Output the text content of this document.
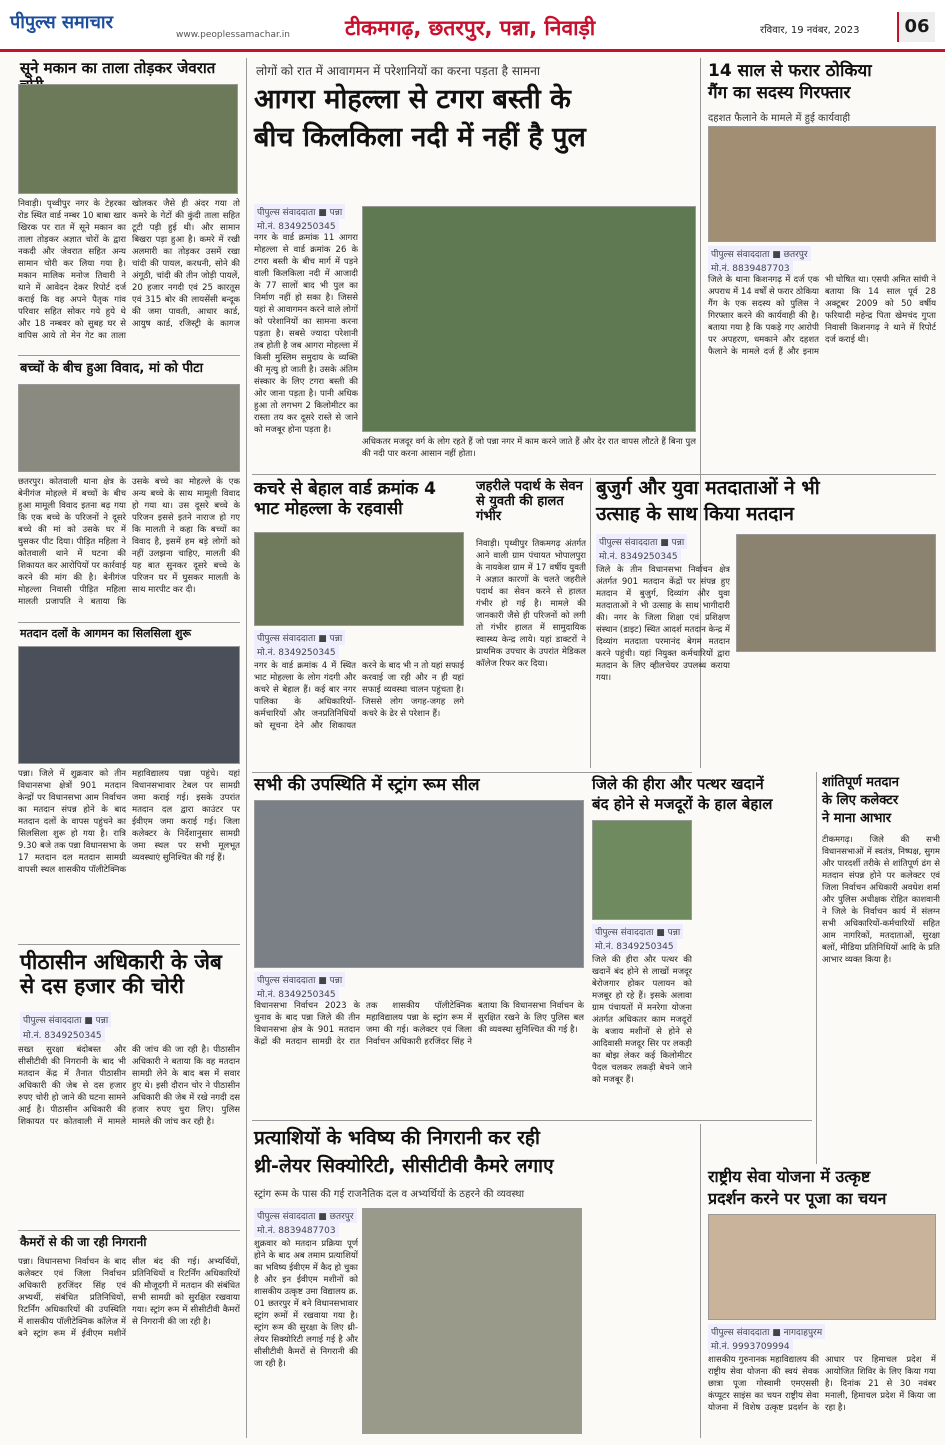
पीपुल्स समाचार
www.peoplessamachar.in	टीकमगढ़, छतरपुर, पन्ना, निवाड़ी	रविवार, 19 नवंबर, 2023	06
सूने मकान का ताला तोड़कर जेवरात
निवाड़ी। पृथ्वीपुर नगर के टेहरका रोड स्थित वार्ड नम्बर 10 बाबा खार खिरक पर रात में सूने मकान का ताला तोड़कर अज्ञात चोरों के द्वारा नकदी और जेवरात सहित अन्य सामान चोरी कर लिया गया है। मकान मालिक मनोज तिवारी ने थाने में आवेदन देकर रिपोर्ट दर्ज कराई कि वह अपने पैतृक गांव परिवार सहित सोकर गये हुये थे और 18 नम्बवर को सुबह घर से वापिस आये तो मेन गेट का ताला खोलकर जैसे ही अंदर गया तो कमरे के गेटों की कुंदी ताला सहित टूटी पड़ी हुई थी। और सामान बिखरा पड़ा हुआ है। कमरे में रखी अलमारी का तोड़कर उसमें रखा चांदी की पायल, करधनी, सोने की अंगूठी, चांदी की तीन जोड़ी पायलें, 20 हजार नगदी एवं 25 कारतूस एवं 315 बोर की लायसेंसी बन्दूक की जमा पावती, आधार कार्ड, आयुष कार्ड, रजिस्ट्री के कागज
बच्चों के बीच हुआ विवाद, मां को पीटा
छतरपुर। कोतवाली थाना क्षेत्र के बेनीगंज मोहल्ले में बच्चों के बीच हुआ मामूली विवाद इतना बढ़ गया कि एक बच्चे के परिजनों ने दूसरे बच्चे की मां को उसके घर में घुसकर पीट दिया। पीड़ित महिला ने कोतवाली थाने में घटना की शिकायत कर आरोपियों पर कार्रवाई करने की मांग की है। बेनीगंज मोहल्ला निवासी पीड़ित महिला मालती प्रजापति ने बताया कि उसके बच्चे का मोहल्ले के एक अन्य बच्चे के साथ मामूली विवाद हो गया था। उस दूसरे बच्चे के परिजन इससे इतने नाराज हो गए कि मालती ने कहा कि बच्चों का विवाद है, इसमें हम बड़े लोगों को नहीं उलझना चाहिए, मालती की यह बात सुनकर दूसरे बच्चे के परिजन घर में घुसकर मालती के साथ मारपीट कर दी।
मतदान दलों के आगमन का सिलसिला शुरू
पन्ना। जिले में शुक्रवार को तीन विधानसभा क्षेत्रों 901 मतदान केन्द्रों पर विधानसभा आम निर्वाचन का मतदान संपन्न होने के बाद मतदान दलों के वापस पहुंचने का सिलसिला शुरू हो गया है। रात्रि 9.30 बजे तक पन्ना विधानसभा के 17 मतदान दल मतदान सामग्री वापसी स्थल शासकीय पॉलीटेक्निक महाविद्यालय पन्ना पहुंचे। यहां विधानसभावार टेबल पर सामग्री जमा कराई गई। इसके उपरांत मतदान दल द्वारा काउंटर पर ईवीएम जमा कराई गई। जिला कलेक्टर के निर्देशानुसार सामग्री जमा स्थल पर सभी मूलभूत व्यवस्थाएं सुनिश्चित की गई हैं।
पीठासीन अधिकारी के जेब से दस हजार की चोरी
पीपुल्स संवाददाता ■ पन्ना
मो.नं. 8349250345
सख्त सुरक्षा बंदोबस्त और सीसीटीवी की निगरानी के बाद भी मतदान केंद्र में तैनात पीठासीन अधिकारी की जेब से दस हजार रुपए चोरी हो जाने की घटना सामने आई है। पीठासीन अधिकारी की शिकायत पर कोतवाली में मामले की जांच की जा रही है। पीठासीन अधिकारी ने बताया कि वह मतदान सामग्री लेने के बाद बस में सवार हुए थे। इसी दौरान चोर ने पीठासीन अधिकारी की जेब में रखे नगदी दस हजार रुपए चुरा लिए। पुलिस मामले की जांच कर रही है।
कैमरों से की जा रही निगरानी
पन्ना। विधानसभा निर्वाचन के बाद कलेक्टर एवं जिला निर्वाचन अधिकारी हरजिंदर सिंह एवं अभ्यर्थी, संबंधित प्रतिनिधियों, रिटर्निंग अधिकारियों की उपस्थिति में शासकीय पॉलीटेक्निक कॉलेज में बने स्ट्रांग रूम में ईवीएम मशीनें सील बंद की गई। अभ्यर्थियों, प्रतिनिधियों व रिटर्निंग अधिकारियों की मौजूदगी में मतदान की संबंधित सभी सामग्री को सुरक्षित रखवाया गया। स्ट्रांग रूम में सीसीटीवी कैमरों से निगरानी की जा रही है।
लोगों को रात में आवागमन में परेशानियों का करना पड़ता है सामना
आगरा मोहल्ला से टगरा बस्ती के
बीच किलकिला नदी में नहीं है पुल
पीपुल्स संवाददाता ■ पन्ना
मो.नं. 8349250345
नगर के वार्ड क्रमांक 11 आगरा मोहल्ला से वार्ड क्रमांक 26 के टगरा बस्ती के बीच मार्ग में पड़ने वाली किलकिला नदी में आजादी के 77 सालों बाद भी पुल का निर्माण नहीं हो सका है। जिससे यहां से आवागमन करने वाले लोगों को परेशानियों का सामना करना पड़ता है। सबसे ज्यादा परेशानी तब होती है जब आगरा मोहल्ला में किसी मुस्लिम समुदाय के व्यक्ति की मृत्यु हो जाती है। उसके अंतिम संस्कार के लिए टगरा बस्ती की ओर जाना पड़ता है। पानी अधिक हुआ तो लगभग 2 किलोमीटर का रास्ता तय कर दूसरे रास्ते से जाने को मजबूर होना पड़ता है।
अधिकतर मजदूर वर्ग के लोग रहते हैं जो पन्ना नगर में काम करने जाते हैं और देर रात वापस लौटते हैं बिना पुल की नदी पार करना आसान नहीं होता।
कचरे से बेहाल वार्ड क्रमांक 4 भाट मोहल्ला के रहवासी
पीपुल्स संवाददाता ■ पन्ना
मो.नं. 8349250345
नगर के वार्ड क्रमांक 4 में स्थित भाट मोहल्ला के लोग गंदगी और कचरे से बेहाल हैं। कई बार नगर पालिका के अधिकारियों-कर्मचारियों और जनप्रतिनिधियों को सूचना देने और शिकायत करने के बाद भी न तो यहां सफाई करवाई जा रही और न ही यहां सफाई व्यवस्था चालन पहुंचता है। जिससे लोग जगह-जगह लगे कचरे के ढेर से परेशान हैं।
जहरीले पदार्थ के सेवन से युवती की हालत गंभीर
निवाड़ी। पृथ्वीपुर तिकमगढ़ अंतर्गत आने वाली ग्राम पंचायत भोपालपुरा के नायकेश ग्राम में 17 वर्षीय युवती ने अज्ञात कारणों के चलते जहरीले पदार्थ का सेवन करने से हालत गंभीर हो गई है। मामले की जानकारी जैसे ही परिजनों को लगी तो गंभीर हालत में सामुदायिक स्वास्थ्य केन्द्र लाये। यहां डाक्टरों ने प्राथमिक उपचार के उपरांत मेडिकल कॉलेज रिफर कर दिया।
सभी की उपस्थिति में स्ट्रांग रूम सील
पीपुल्स संवाददाता ■ पन्ना
मो.नं. 8349250345
विधानसभा निर्वाचन 2023 के चुनाव के बाद पन्ना जिले की तीन विधानसभा क्षेत्र के 901 मतदान केंद्रों की मतदान सामग्री देर रात तक शासकीय पॉलीटेक्निक महाविद्यालय पन्ना के स्ट्रांग रूम में जमा की गई। कलेक्टर एवं जिला निर्वाचन अधिकारी हरजिंदर सिंह ने बताया कि विधानसभा निर्वाचन के सुरक्षित रखने के लिए पुलिस बल की व्यवस्था सुनिश्चित की गई है।
जिले की हीरा और पत्थर खदानें
बंद होने से मजदूरों के हाल बेहाल
पीपुल्स संवाददाता ■ पन्ना
मो.नं. 8349250345
जिले की हीरा और पत्थर की खदानें बंद होने से लाखों मजदूर बेरोजगार होकर पलायन को मजबूर हो रहे हैं। इसके अलावा ग्राम पंचायतों में मनरेगा योजना अंतर्गत अधिकतर काम मजदूरों के बजाय मशीनों से होने से आदिवासी मजदूर सिर पर लकड़ी का बोझ लेकर कई किलोमीटर पैदल चलकर लकड़ी बेचने जाने को मजबूर हैं।
14 साल से फरार ठोकिया
गैंग का सदस्य गिरफ्तार
दहशत फैलाने के मामले में हुई कार्यवाही
पीपुल्स संवाददाता ■ छतरपुर
मो.नं. 8839487703
जिले के थाना किशनगढ़ में दर्ज एक अपराध में 14 वर्षों से फरार ठोकिया गैंग के एक सदस्य को पुलिस ने गिरफ्तार करने की कार्यवाही की है। बताया गया है कि पकड़े गए आरोपी पर अपहरण, धमकाने और दहशत फैलाने के मामले दर्ज हैं और इनाम भी घोषित था। एसपी अमित सांघी ने बताया कि 14 साल पूर्व 28 अक्टूबर 2009 को 50 वर्षीय फरियादी महेन्द्र पिता खेमचंद गुप्ता निवासी किशनगढ़ ने थाने में रिपोर्ट दर्ज कराई थी।
बुजुर्ग और युवा मतदाताओं ने भी
उत्साह के साथ किया मतदान
पीपुल्स संवाददाता ■ पन्ना
मो.नं. 8349250345
जिले के तीन विधानसभा निर्वाचन क्षेत्र अंतर्गत 901 मतदान केंद्रों पर संपन्न हुए मतदान में बुजुर्ग, दिव्यांग और युवा मतदाताओं ने भी उत्साह के साथ भागीदारी की। नगर के जिला शिक्षा एवं प्रशिक्षण संस्थान (डाइट) स्थित आदर्श मतदान केन्द्र में दिव्यांग मतदाता परमानंद बेगम मतदान करने पहुंची। यहां नियुक्त कर्मचारियों द्वारा मतदान के लिए व्हीलचेयर उपलब्ध कराया गया।
शांतिपूर्ण मतदान
के लिए कलेक्टर
ने माना आभार
टीकमगढ़। जिले की सभी विधानसभाओं में स्वतंत्र, निष्पक्ष, सुगम और पारदर्शी तरीके से शांतिपूर्ण ढंग से मतदान संपन्न होने पर कलेक्टर एवं जिला निर्वाचन अधिकारी अवधेश शर्मा और पुलिस अधीक्षक रोहित काशवानी ने जिले के निर्वाचन कार्य में संलग्न सभी अधिकारियों-कर्मचारियों सहित आम नागरिकों, मतदाताओं, सुरक्षा बलों, मीडिया प्रतिनिधियों आदि के प्रति आभार व्यक्त किया है।
प्रत्याशियों के भविष्य की निगरानी कर रही
थ्री-लेयर सिक्योरिटी, सीसीटीवी कैमरे लगाए
स्ट्रांग रूम के पास की गई राजनैतिक दल व अभ्यर्थियों के ठहरने की व्यवस्था
पीपुल्स संवाददाता ■ छतरपुर
मो.नं. 8839487703
शुक्रवार को मतदान प्रक्रिया पूर्ण होने के बाद अब तमाम प्रत्याशियों का भविष्य ईवीएम में कैद हो चुका है और इन ईवीएम मशीनों को शासकीय उत्कृष्ट उमा विद्यालय क्र. 01 छतरपुर में बने विधानसभावार स्ट्रांग रूमों में रखवाया गया है। स्ट्रांग रूम की सुरक्षा के लिए थ्री-लेयर सिक्योरिटी लगाई गई है और सीसीटीवी कैमरों से निगरानी की जा रही है।
राष्ट्रीय सेवा योजना में उत्कृष्ट
प्रदर्शन करने पर पूजा का चयन
पीपुल्स संवाददाता ■ नागदाहपुरम
मो.नं. 9993709994
शासकीय गुरुनानक महाविद्यालय की राष्ट्रीय सेवा योजना की स्वयं सेवक छात्रा पूजा गोस्वामी एमएससी कंप्यूटर साइंस का चयन राष्ट्रीय सेवा योजना में विशेष उत्कृष्ट प्रदर्शन के आधार पर हिमाचल प्रदेश में आयोजित शिविर के लिए किया गया है। दिनांक 21 से 30 नवंबर मनाली, हिमाचल प्रदेश में किया जा रहा है।
